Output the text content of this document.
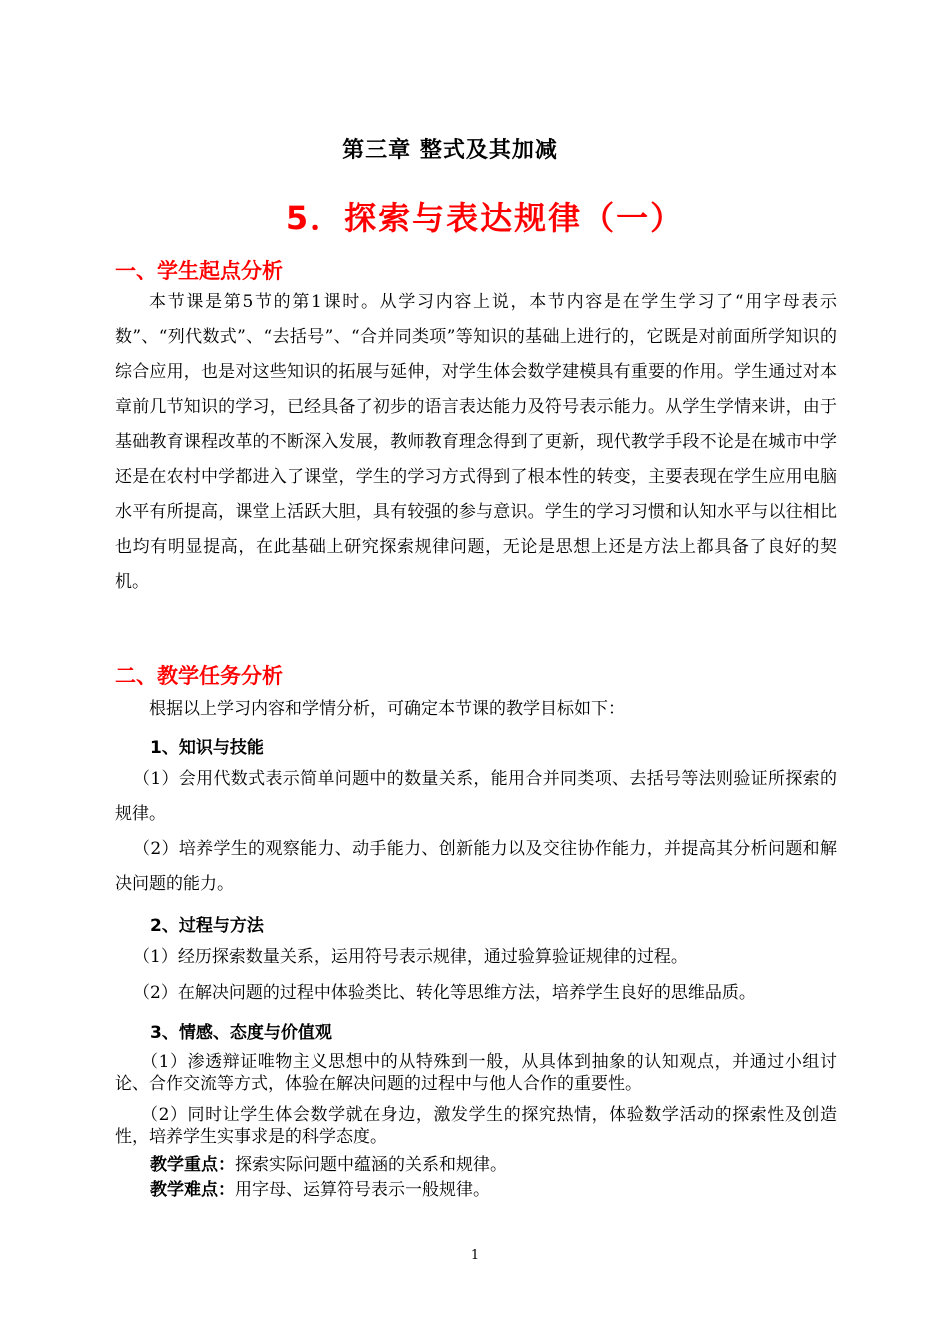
第三章 整式及其加减
5．探索与表达规律（一）
一、学生起点分析
本节课是第5节的第1课时。从学习内容上说，本节内容是在学生学习了“用字母表示数”、“列代数式”、“去括号”、“合并同类项”等知识的基础上进行的，它既是对前面所学知识的综合应用，也是对这些知识的拓展与延伸，对学生体会数学建模具有重要的作用。学生通过对本章前几节知识的学习，已经具备了初步的语言表达能力及符号表示能力。从学生学情来讲，由于基础教育课程改革的不断深入发展，教师教育理念得到了更新，现代教学手段不论是在城市中学还是在农村中学都进入了课堂，学生的学习方式得到了根本性的转变，主要表现在学生应用电脑水平有所提高，课堂上活跃大胆，具有较强的参与意识。学生的学习习惯和认知水平与以往相比也均有明显提高，在此基础上研究探索规律问题，无论是思想上还是方法上都具备了良好的契机。
二、教学任务分析
根据以上学习内容和学情分析，可确定本节课的教学目标如下：
1、知识与技能
（1）会用代数式表示简单问题中的数量关系，能用合并同类项、去括号等法则验证所探索的规律。
（2）培养学生的观察能力、动手能力、创新能力以及交往协作能力，并提高其分析问题和解决问题的能力。
2、过程与方法
（1）经历探索数量关系，运用符号表示规律，通过验算验证规律的过程。
（2）在解决问题的过程中体验类比、转化等思维方法，培养学生良好的思维品质。
3、情感、态度与价值观
（1）渗透辩证唯物主义思想中的从特殊到一般，从具体到抽象的认知观点，并通过小组讨论、合作交流等方式，体验在解决问题的过程中与他人合作的重要性。
（2）同时让学生体会数学就在身边，激发学生的探究热情，体验数学活动的探索性及创造性，培养学生实事求是的科学态度。
教学重点：探索实际问题中蕴涵的关系和规律。
教学难点：用字母、运算符号表示一般规律。
1
